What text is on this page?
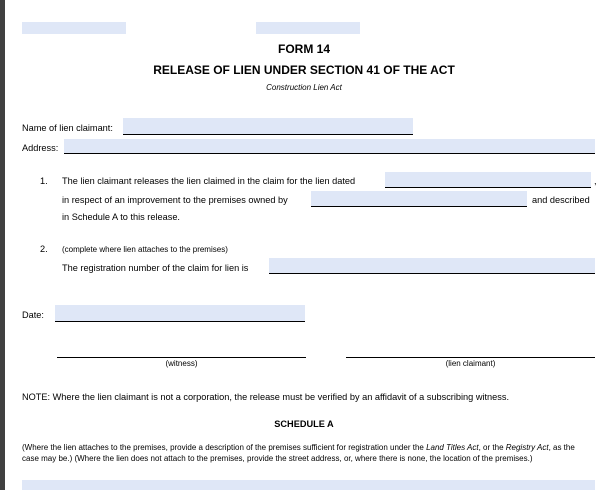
FORM 14
RELEASE OF LIEN UNDER SECTION 41 OF THE ACT
Construction Lien Act
Name of lien claimant:
Address:
1. The lien claimant releases the lien claimed in the claim for the lien dated	,
in respect of an improvement to the premises owned by	and described
in Schedule A to this release.
2. (complete where lien attaches to the premises)
The registration number of the claim for lien is
Date:
(witness)	(lien claimant)
NOTE: Where the lien claimant is not a corporation, the release must be verified by an affidavit of a subscribing witness.
SCHEDULE A
(Where the lien attaches to the premises, provide a description of the premises sufficient for registration under the Land Titles Act, or the Registry Act, as the case may be.) (Where the lien does not attach to the premises, provide the street address, or, where there is none, the location of the premises.)
